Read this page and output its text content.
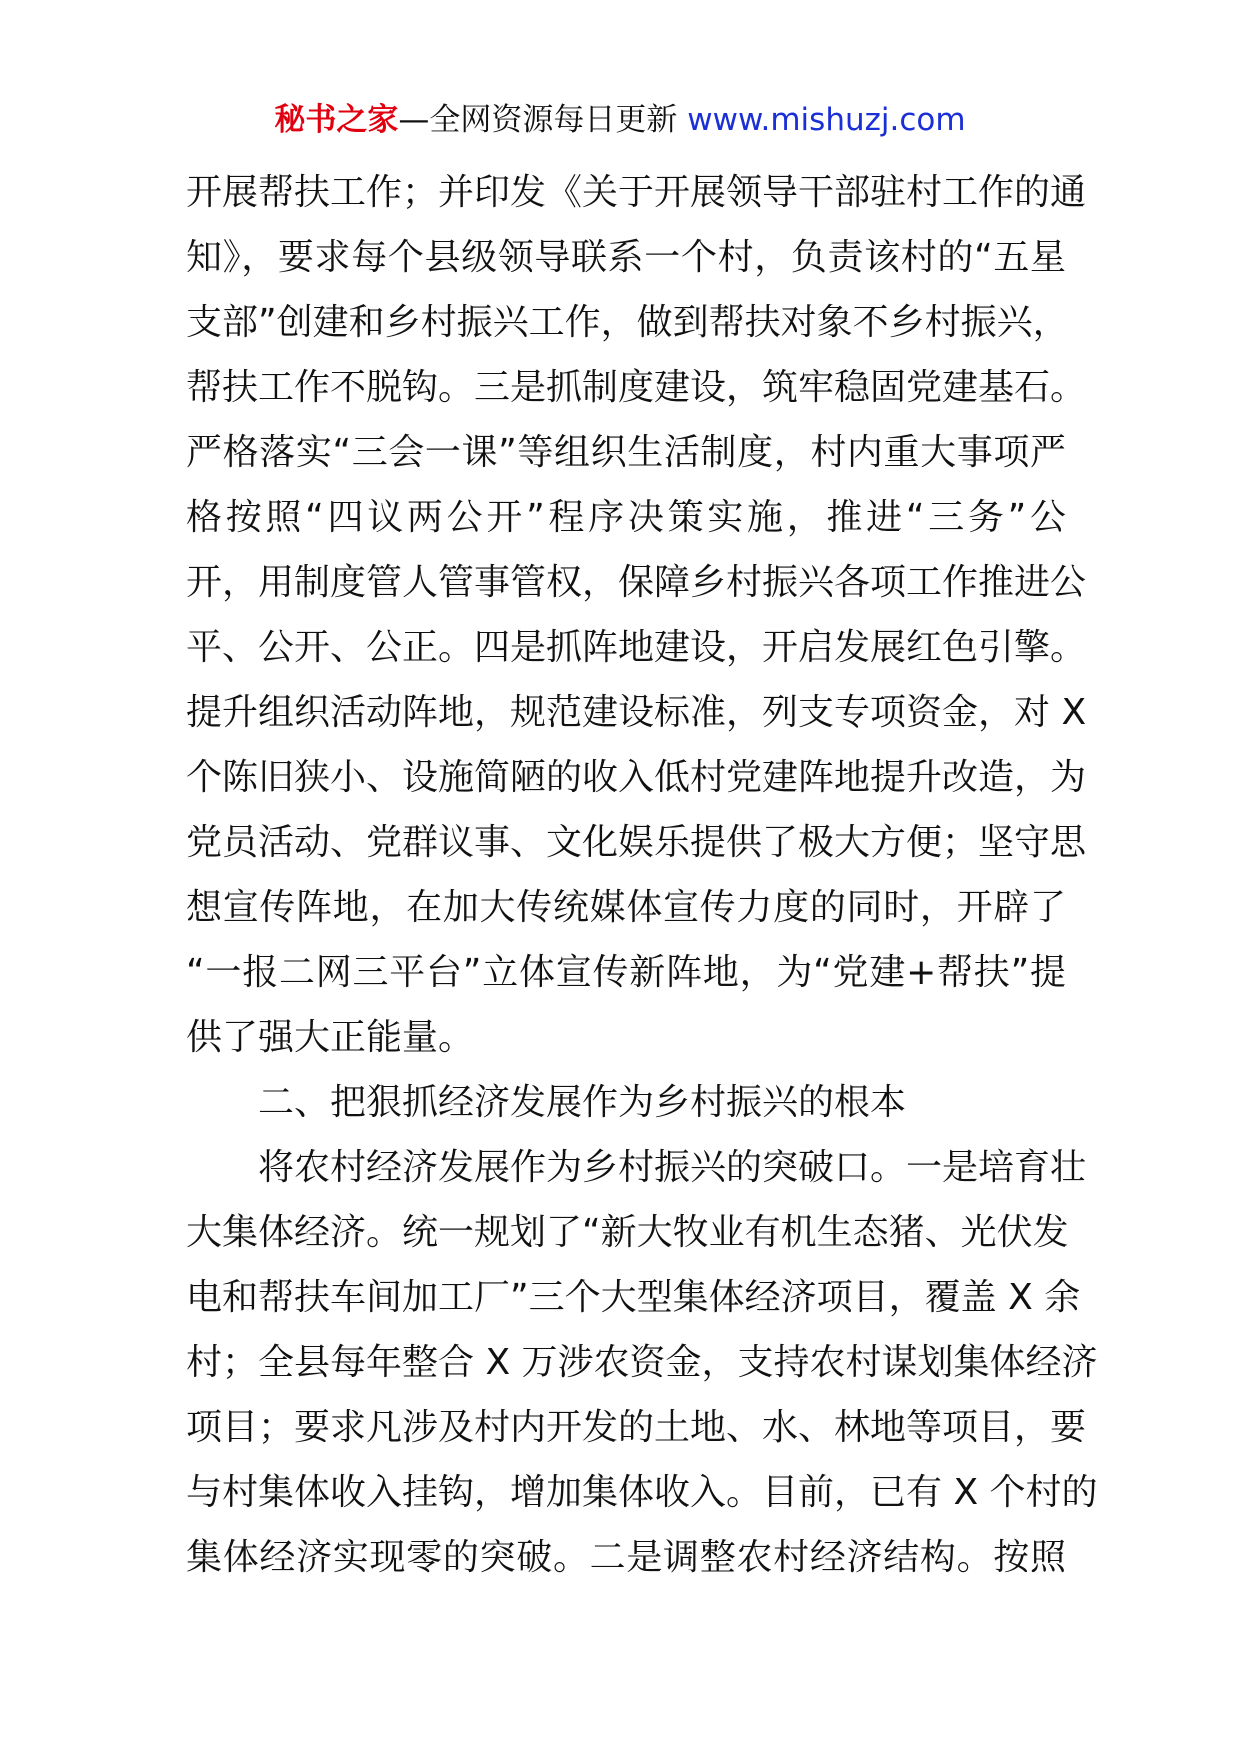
秘书之家—全网资源每日更新 www.mishuzj.com
开展帮扶工作；并印发《关于开展领导干部驻村工作的通
知》，要求每个县级领导联系一个村，负责该村的“五星
支部”创建和乡村振兴工作，做到帮扶对象不乡村振兴，
帮扶工作不脱钩。三是抓制度建设，筑牢稳固党建基石。
严格落实“三会一课”等组织生活制度，村内重大事项严
格按照“四议两公开”程序决策实施，推进“三务”公
开，用制度管人管事管权，保障乡村振兴各项工作推进公
平、公开、公正。四是抓阵地建设，开启发展红色引擎。
提升组织活动阵地，规范建设标准，列支专项资金，对 X
个陈旧狭小、设施简陋的收入低村党建阵地提升改造，为
党员活动、党群议事、文化娱乐提供了极大方便；坚守思
想宣传阵地，在加大传统媒体宣传力度的同时，开辟了
“一报二网三平台”立体宣传新阵地，为“党建+帮扶”提
供了强大正能量。
二、把狠抓经济发展作为乡村振兴的根本
将农村经济发展作为乡村振兴的突破口。一是培育壮
大集体经济。统一规划了“新大牧业有机生态猪、光伏发
电和帮扶车间加工厂”三个大型集体经济项目，覆盖 X 余
村；全县每年整合 X 万涉农资金，支持农村谋划集体经济
项目；要求凡涉及村内开发的土地、水、林地等项目，要
与村集体收入挂钩，增加集体收入。目前，已有 X 个村的
集体经济实现零的突破。二是调整农村经济结构。按照
